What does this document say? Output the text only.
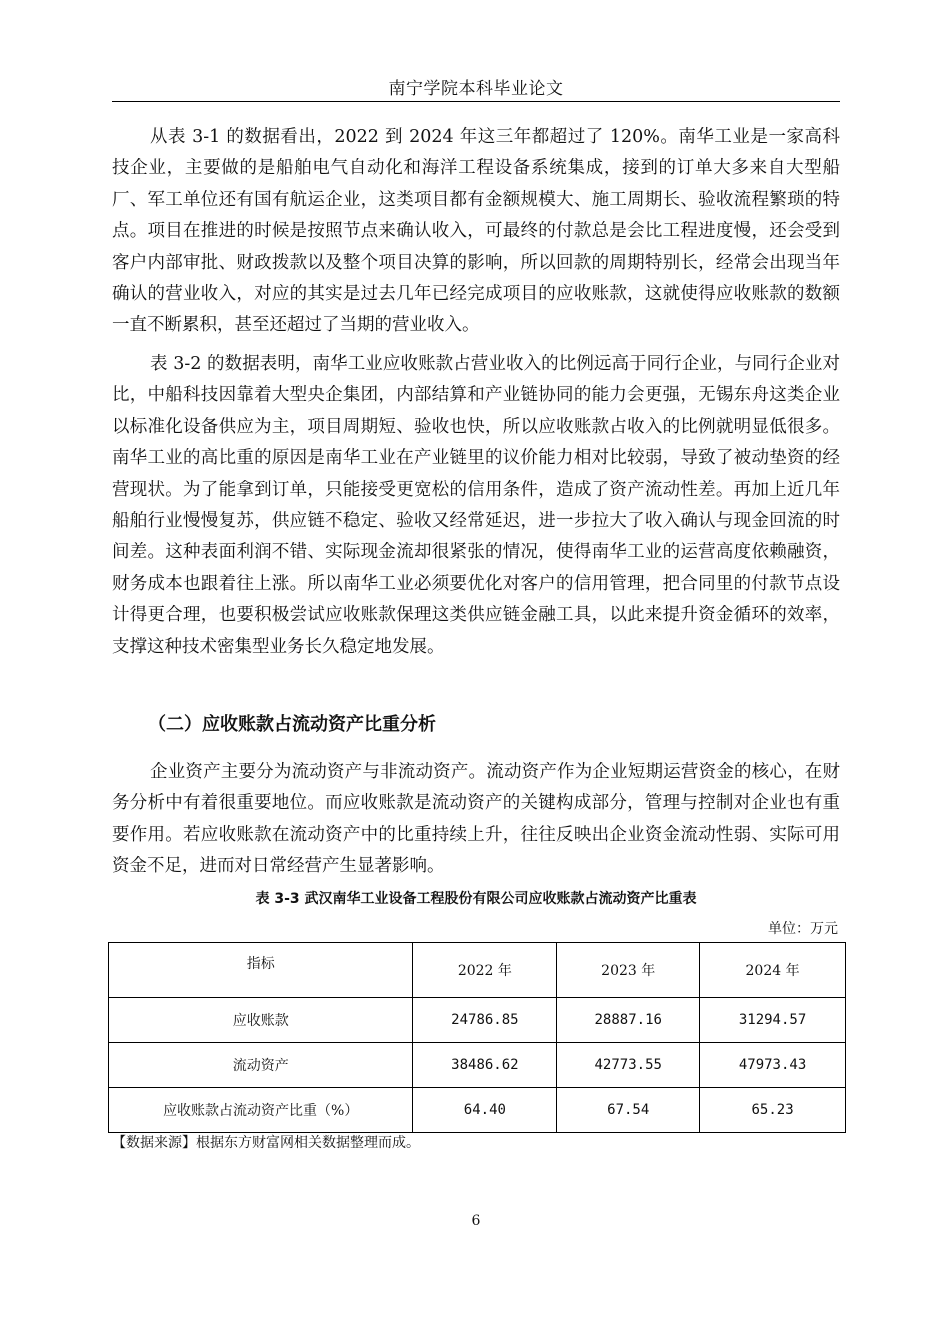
南宁学院本科毕业论文

从表 3-1 的数据看出，2022 到 2024 年这三年都超过了 120%。南华工业是一家高科技企业，主要做的是船舶电气自动化和海洋工程设备系统集成，接到的订单大多来自大型船厂、军工单位还有国有航运企业，这类项目都有金额规模大、施工周期长、验收流程繁琐的特点。项目在推进的时候是按照节点来确认收入，可最终的付款总是会比工程进度慢，还会受到客户内部审批、财政拨款以及整个项目决算的影响，所以回款的周期特别长，经常会出现当年确认的营业收入，对应的其实是过去几年已经完成项目的应收账款，这就使得应收账款的数额一直不断累积，甚至还超过了当期的营业收入。

表 3-2 的数据表明，南华工业应收账款占营业收入的比例远高于同行企业，与同行企业对比，中船科技因靠着大型央企集团，内部结算和产业链协同的能力会更强，无锡东舟这类企业以标准化设备供应为主，项目周期短、验收也快，所以应收账款占收入的比例就明显低很多。南华工业的高比重的原因是南华工业在产业链里的议价能力相对比较弱，导致了被动垫资的经营现状。为了能拿到订单，只能接受更宽松的信用条件，造成了资产流动性差。再加上近几年船舶行业慢慢复苏，供应链不稳定、验收又经常延迟，进一步拉大了收入确认与现金回流的时间差。这种表面利润不错、实际现金流却很紧张的情况，使得南华工业的运营高度依赖融资，财务成本也跟着往上涨。所以南华工业必须要优化对客户的信用管理，把合同里的付款节点设计得更合理，也要积极尝试应收账款保理这类供应链金融工具，以此来提升资金循环的效率，支撑这种技术密集型业务长久稳定地发展。

（二）应收账款占流动资产比重分析

企业资产主要分为流动资产与非流动资产。流动资产作为企业短期运营资金的核心，在财务分析中有着很重要地位。而应收账款是流动资产的关键构成部分，管理与控制对企业也有重要作用。若应收账款在流动资产中的比重持续上升，往往反映出企业资金流动性弱、实际可用资金不足，进而对日常经营产生显著影响。

表 3-3 武汉南华工业设备工程股份有限公司应收账款占流动资产比重表
单位：万元
指标	2022 年	2023 年	2024 年
应收账款	24786.85	28887.16	31294.57
流动资产	38486.62	42773.55	47973.43
应收账款占流动资产比重（%）	64.40	67.54	65.23
【数据来源】根据东方财富网相关数据整理而成。
6
